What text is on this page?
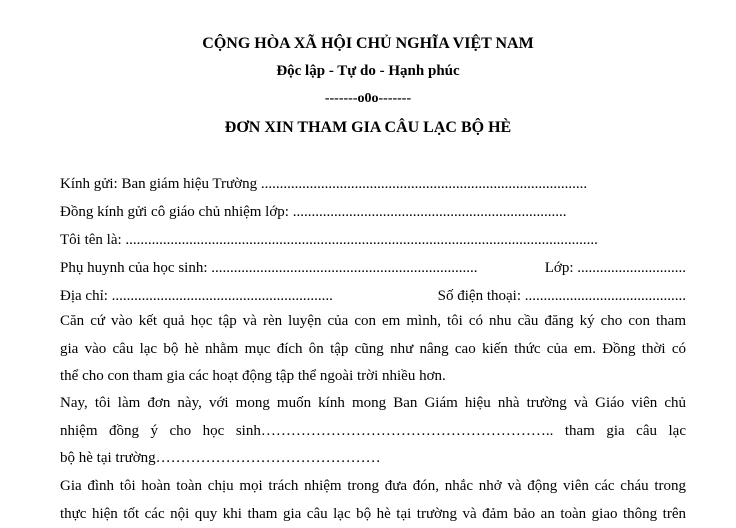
CỘNG HÒA XÃ HỘI CHỦ NGHĨA VIỆT NAM
Độc lập - Tự do - Hạnh phúc
-------o0o-------
ĐƠN XIN THAM GIA CÂU LẠC BỘ HÈ
Kính gửi: Ban giám hiệu Trường .......................................................................................
Đồng kính gửi cô giáo chủ nhiệm lớp: .........................................................................
Tôi tên là: ..............................................................................................................................
Phụ huynh của học sinh: .......................................................................	Lớp: .............................
Địa chỉ: ...........................................................	Số điện thoại: ...........................................
Căn cứ vào kết quả học tập và rèn luyện của con em mình, tôi có nhu cầu đăng ký cho con tham
gia vào câu lạc bộ hè nhằm mục đích ôn tập cũng như nâng cao kiến thức của em. Đồng thời có
thể cho con tham gia các hoạt động tập thể ngoài trời nhiều hơn.
Nay, tôi làm đơn này, với mong muốn kính mong Ban Giám hiệu nhà trường và Giáo viên chủ
nhiệm đồng ý cho học sinh………………………………………………….. tham gia câu lạc
bộ hè tại trường………………………………………
Gia đình tôi hoàn toàn chịu mọi trách nhiệm trong đưa đón, nhắc nhở và động viên các cháu trong
thực hiện tốt các nội quy khi tham gia câu lạc bộ hè tại trường và đảm bảo an toàn giao thông trên
